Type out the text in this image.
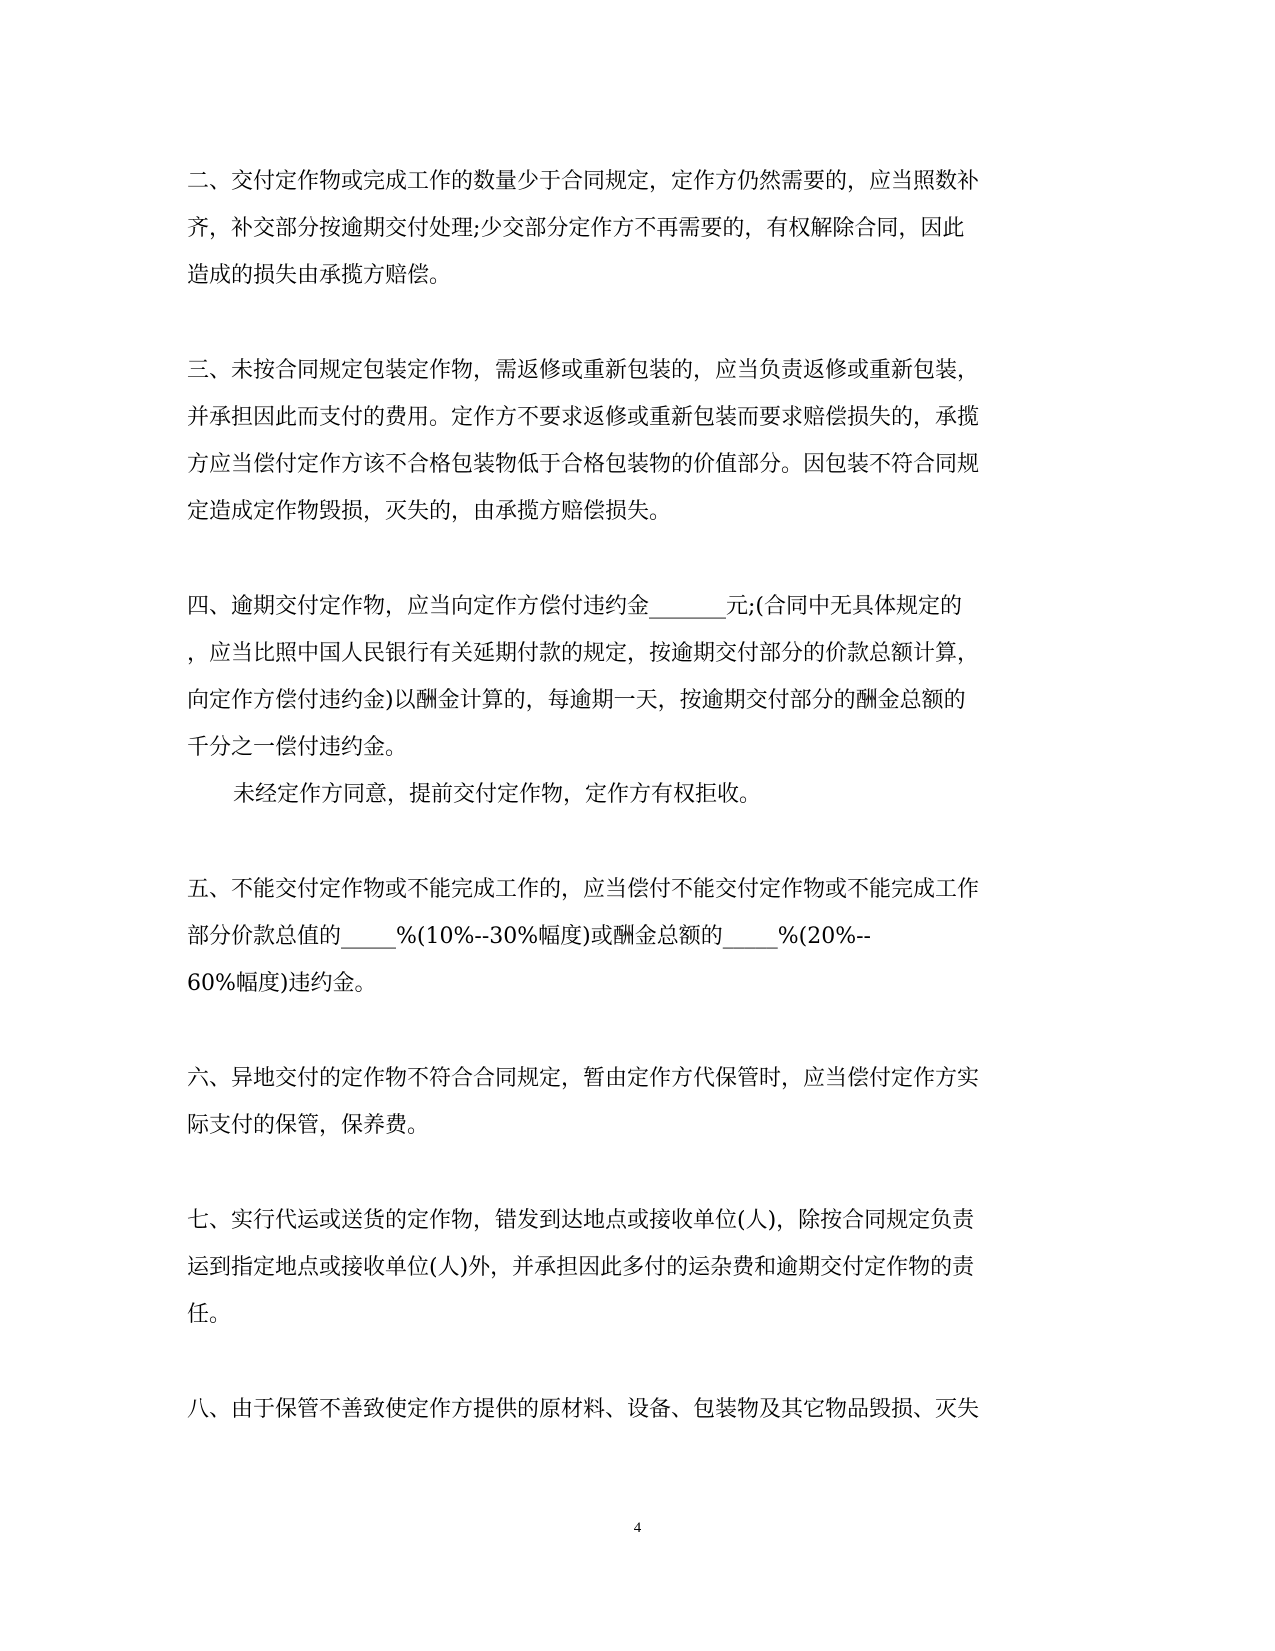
二、交付定作物或完成工作的数量少于合同规定，定作方仍然需要的，应当照数补
齐，补交部分按逾期交付处理;少交部分定作方不再需要的，有权解除合同，因此
造成的损失由承揽方赔偿。

三、未按合同规定包装定作物，需返修或重新包装的，应当负责返修或重新包装，
并承担因此而支付的费用。定作方不要求返修或重新包装而要求赔偿损失的，承揽
方应当偿付定作方该不合格包装物低于合格包装物的价值部分。因包装不符合同规
定造成定作物毁损，灭失的，由承揽方赔偿损失。

四、逾期交付定作物，应当向定作方偿付违约金_______元;(合同中无具体规定的
，应当比照中国人民银行有关延期付款的规定，按逾期交付部分的价款总额计算，
向定作方偿付违约金)以酬金计算的，每逾期一天，按逾期交付部分的酬金总额的
千分之一偿付违约金。
未经定作方同意，提前交付定作物，定作方有权拒收。

五、不能交付定作物或不能完成工作的，应当偿付不能交付定作物或不能完成工作
部分价款总值的_____%(10%--30%幅度)或酬金总额的_____%(20%--
60%幅度)违约金。

六、异地交付的定作物不符合合同规定，暂由定作方代保管时，应当偿付定作方实
际支付的保管，保养费。

七、实行代运或送货的定作物，错发到达地点或接收单位(人)，除按合同规定负责
运到指定地点或接收单位(人)外，并承担因此多付的运杂费和逾期交付定作物的责
任。

八、由于保管不善致使定作方提供的原材料、设备、包装物及其它物品毁损、灭失

4
